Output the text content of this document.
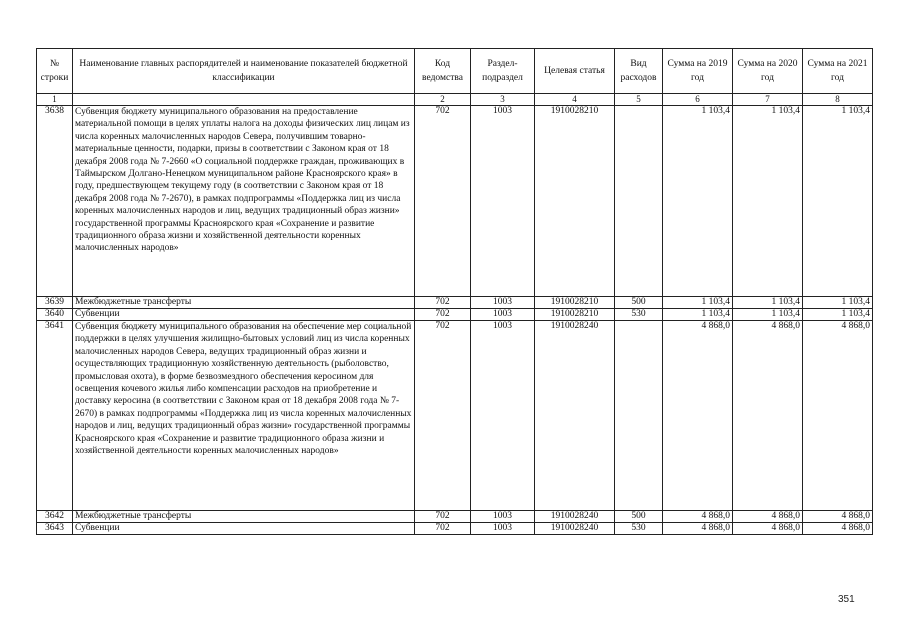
№ строки	Наименование главных распорядителей и наименование показателей бюджетной классификации	Код ведомства	Раздел-подраздел	Целевая статья	Вид расходов	Сумма на 2019 год	Сумма на 2020 год	Сумма на 2021 год
1		2	3	4	5	6	7	8
3638	Субвенция бюджету муниципального образования на предоставление материальной помощи в целях уплаты налога на доходы физических лиц лицам из числа коренных малочисленных народов Севера, получившим товарно-материальные ценности, подарки, призы в соответствии с Законом края от 18 декабря 2008 года № 7-2660 «О социальной поддержке граждан, проживающих в Таймырском Долгано-Ненецком муниципальном районе Красноярского края» в году, предшествующем текущему году (в соответствии с Законом края от 18 декабря 2008 года № 7-2670), в рамках подпрограммы «Поддержка лиц из числа коренных малочисленных народов и лиц, ведущих традиционный образ жизни» государственной программы Красноярского края «Сохранение и развитие традиционного образа жизни и хозяйственной деятельности коренных малочисленных народов»	702	1003	1910028210		1 103,4	1 103,4	1 103,4
3639	Межбюджетные трансферты	702	1003	1910028210	500	1 103,4	1 103,4	1 103,4
3640	Субвенции	702	1003	1910028210	530	1 103,4	1 103,4	1 103,4
3641	Субвенция бюджету муниципального образования на обеспечение мер социальной поддержки в целях улучшения жилищно-бытовых условий лиц из числа коренных малочисленных народов Севера, ведущих традиционный образ жизни и осуществляющих традиционную хозяйственную деятельность (рыболовство, промысловая охота), в форме безвозмездного обеспечения керосином для освещения кочевого жилья либо компенсации расходов на приобретение и доставку керосина (в соответствии с Законом края от 18 декабря 2008 года № 7-2670) в рамках подпрограммы «Поддержка лиц из числа коренных малочисленных народов и лиц, ведущих традиционный образ жизни» государственной программы Красноярского края «Сохранение и развитие традиционного образа жизни и хозяйственной деятельности коренных малочисленных народов»	702	1003	1910028240		4 868,0	4 868,0	4 868,0
3642	Межбюджетные трансферты	702	1003	1910028240	500	4 868,0	4 868,0	4 868,0
3643	Субвенции	702	1003	1910028240	530	4 868,0	4 868,0	4 868,0
351
